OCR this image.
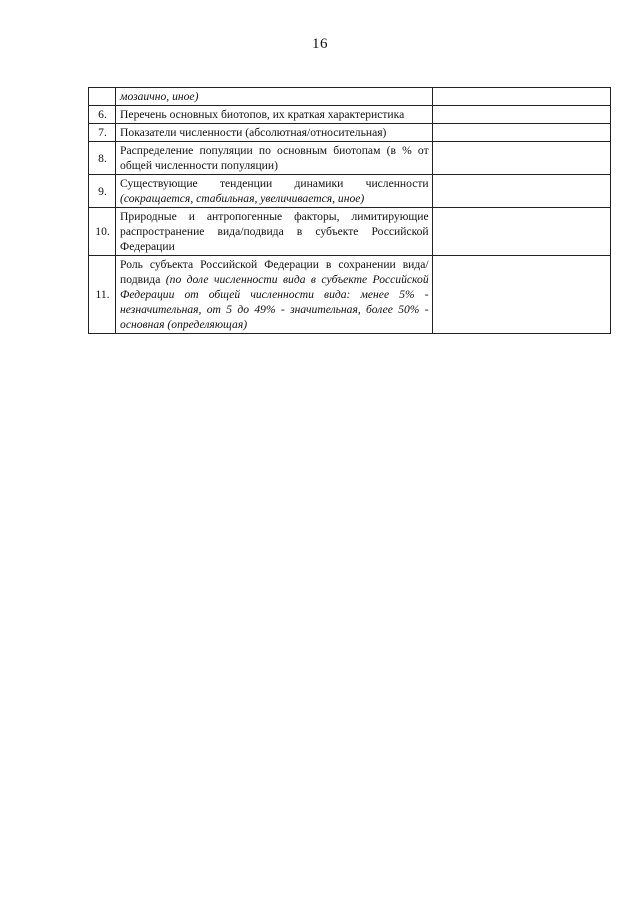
16
	мозаично, иное)	
6.	Перечень основных биотопов, их краткая характеристика	
7.	Показатели численности (абсолютная/относительная)	
8.	Распределение популяции по основным биотопам (в % от общей численности популяции)	
9.	Существующие тенденции динамики численности (сокращается, стабильная, увеличивается, иное)	
10.	Природные и антропогенные факторы, лимитирующие распространение вида/подвида в субъекте Российской Федерации	
11.	Роль субъекта Российской Федерации в сохранении вида/подвида (по доле численности вида в субъекте Российской Федерации от общей численности вида: менее 5% - незначительная, от 5 до 49% - значительная, более 50% - основная (определяющая)	
